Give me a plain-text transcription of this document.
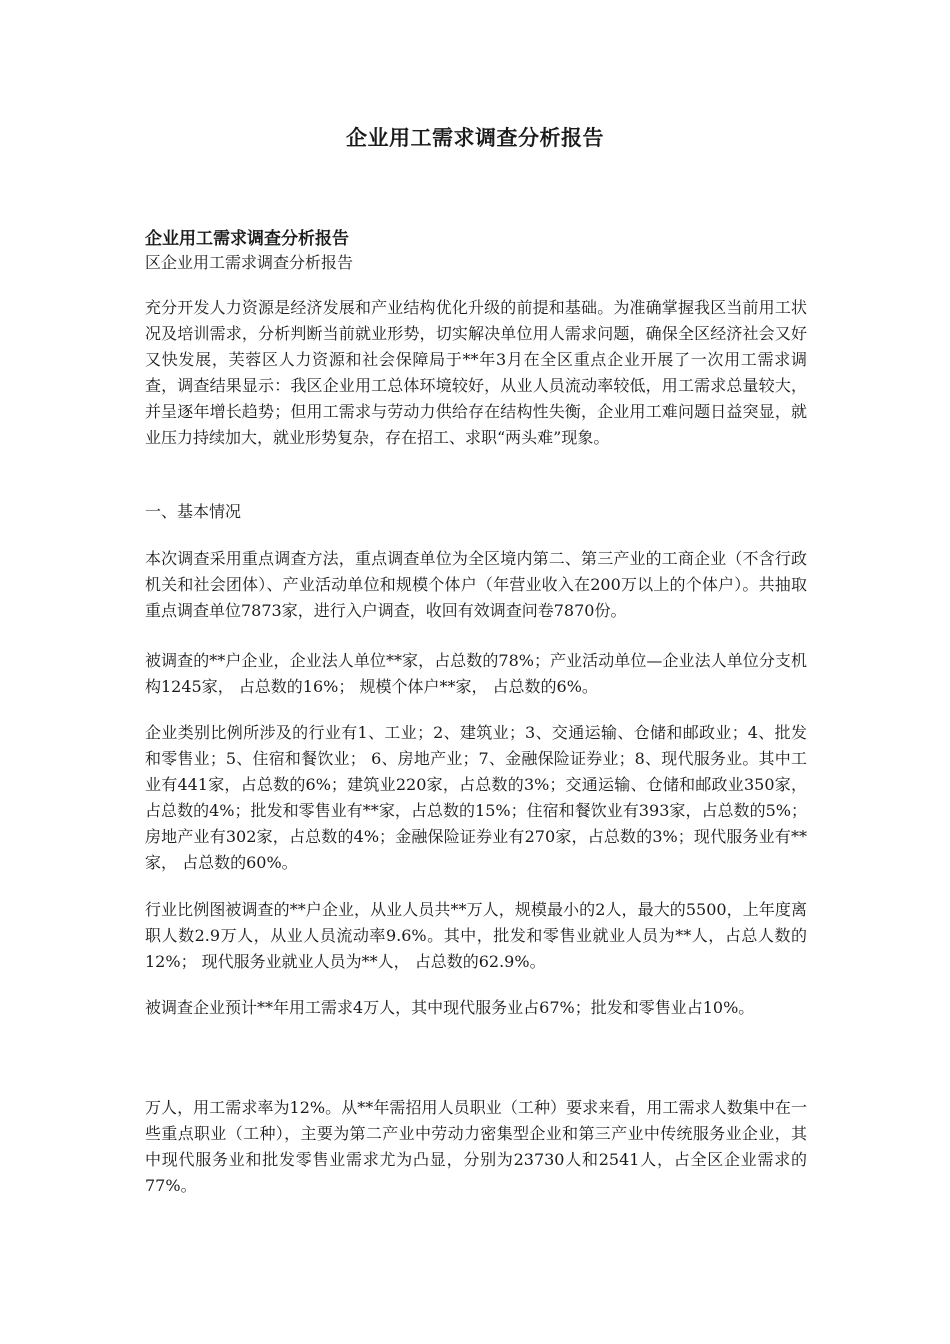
企业用工需求调查分析报告
企业用工需求调查分析报告
区企业用工需求调查分析报告
充分开发人力资源是经济发展和产业结构优化升级的前提和基础。为准确掌握我区当前用工状况及培训需求，分析判断当前就业形势，切实解决单位用人需求问题，确保全区经济社会又好又快发展，芙蓉区人力资源和社会保障局于**年3月在全区重点企业开展了一次用工需求调查，调查结果显示：我区企业用工总体环境较好，从业人员流动率较低，用工需求总量较大，并呈逐年增长趋势；但用工需求与劳动力供给存在结构性失衡，企业用工难问题日益突显，就业压力持续加大，就业形势复杂，存在招工、求职“两头难”现象。
一、基本情况
本次调查采用重点调查方法，重点调查单位为全区境内第二、第三产业的工商企业（不含行政机关和社会团体）、产业活动单位和规模个体户（年营业收入在200万以上的个体户）。共抽取重点调查单位7873家，进行入户调查，收回有效调查问卷7870份。
被调查的**户企业，企业法人单位**家，占总数的78%；产业活动单位—企业法人单位分支机构1245家， 占总数的16%； 规模个体户**家， 占总数的6%。
企业类别比例所涉及的行业有1、工业；2、建筑业；3、交通运输、仓储和邮政业；4、批发和零售业；5、住宿和餐饮业； 6、房地产业；7、金融保险证券业；8、现代服务业。其中工业有441家，占总数的6%；建筑业220家，占总数的3%；交通运输、仓储和邮政业350家，占总数的4%；批发和零售业有**家，占总数的15%；住宿和餐饮业有393家，占总数的5%；房地产业有302家，占总数的4%；金融保险证券业有270家，占总数的3%；现代服务业有**家， 占总数的60%。
行业比例图被调查的**户企业，从业人员共**万人，规模最小的2人，最大的5500，上年度离职人数2.9万人，从业人员流动率9.6%。其中，批发和零售业就业人员为**人，占总人数的12%； 现代服务业就业人员为**人， 占总数的62.9%。
被调查企业预计**年用工需求4万人，其中现代服务业占67%；批发和零售业占10%。
万人，用工需求率为12%。从**年需招用人员职业（工种）要求来看，用工需求人数集中在一些重点职业（工种），主要为第二产业中劳动力密集型企业和第三产业中传统服务业企业，其中现代服务业和批发零售业需求尤为凸显，分别为23730人和2541人，占全区企业需求的77%。
